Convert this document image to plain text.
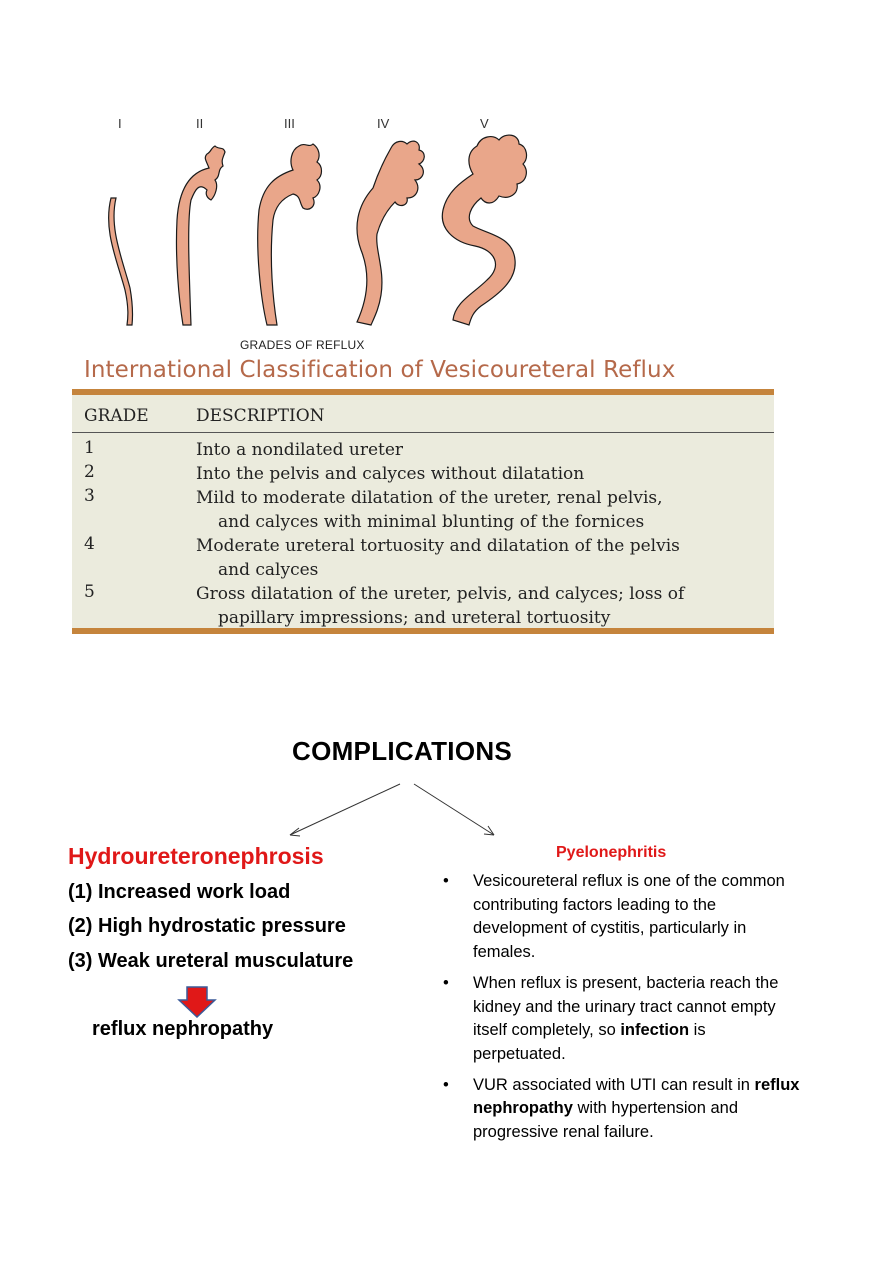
I	II	III	IV	V
GRADES OF REFLUX
International Classification of Vesicoureteral Reflux
GRADE	DESCRIPTION
1	Into a nondilated ureter
2	Into the pelvis and calyces without dilatation
3	Mild to moderate dilatation of the ureter, renal pelvis,
and calyces with minimal blunting of the fornices
4	Moderate ureteral tortuosity and dilatation of the pelvis
and calyces
5	Gross dilatation of the ureter, pelvis, and calyces; loss of
papillary impressions; and ureteral tortuosity
COMPLICATIONS
Hydroureteronephrosis
(1) Increased work load
(2) High hydrostatic pressure
(3) Weak ureteral musculature
reflux nephropathy
Pyelonephritis
• Vesicoureteral reflux is one of the common contributing factors leading to the development of cystitis, particularly in females.
• When reflux is present, bacteria reach the kidney and the urinary tract cannot empty itself completely, so infection is perpetuated.
• VUR associated with UTI can result in reflux nephropathy with hypertension and progressive renal failure.
